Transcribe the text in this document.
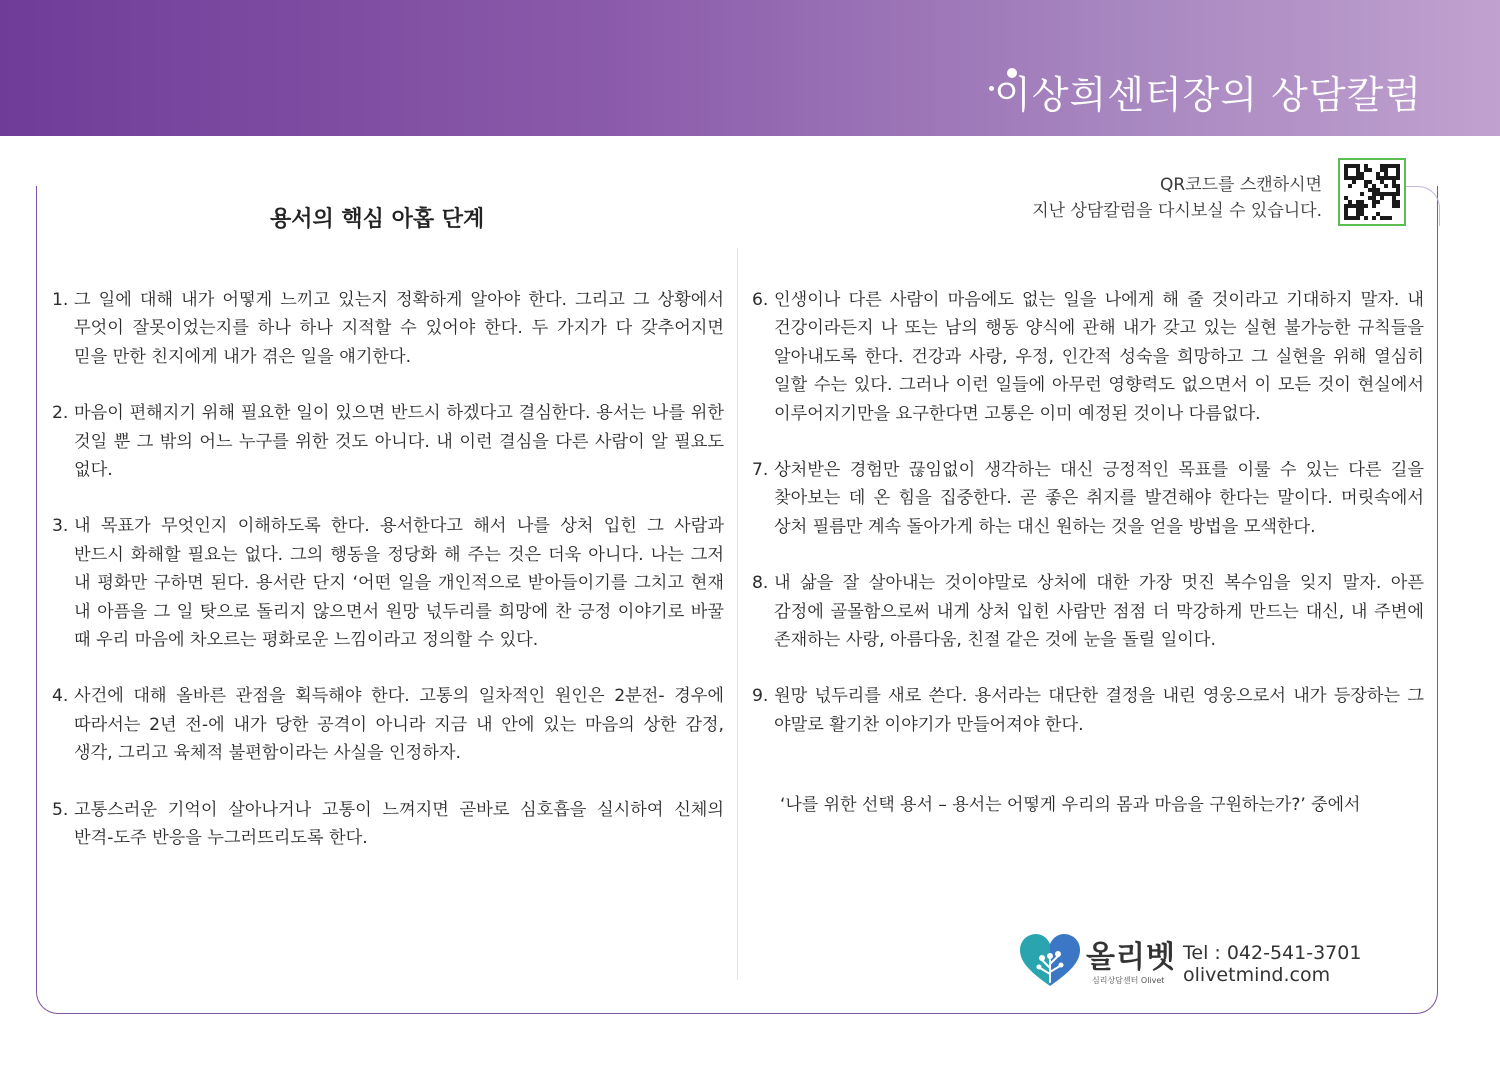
이상희센터장의 상담칼럼
QR코드를 스캔하시면
지난 상담칼럼을 다시보실 수 있습니다.
용서의 핵심 아홉 단계
1. 그 일에 대해 내가 어떻게 느끼고 있는지 정확하게 알아야 한다. 그리고 그 상황에서 무엇이 잘못이었는지를 하나 하나 지적할 수 있어야 한다. 두 가지가 다 갖추어지면 믿을 만한 친지에게 내가 겪은 일을 얘기한다.
2. 마음이 편해지기 위해 필요한 일이 있으면 반드시 하겠다고 결심한다. 용서는 나를 위한 것일 뿐 그 밖의 어느 누구를 위한 것도 아니다. 내 이런 결심을 다른 사람이 알 필요도 없다.
3. 내 목표가 무엇인지 이해하도록 한다. 용서한다고 해서 나를 상처 입힌 그 사람과 반드시 화해할 필요는 없다. 그의 행동을 정당화 해 주는 것은 더욱 아니다. 나는 그저 내 평화만 구하면 된다. 용서란 단지 ‘어떤 일을 개인적으로 받아들이기를 그치고 현재 내 아픔을 그 일 탓으로 돌리지 않으면서 원망 넋두리를 희망에 찬 긍정 이야기로 바꿀 때 우리 마음에 차오르는 평화로운 느낌이라고 정의할 수 있다.
4. 사건에 대해 올바른 관점을 획득해야 한다. 고통의 일차적인 원인은 2분전- 경우에 따라서는 2년 전-에 내가 당한 공격이 아니라 지금 내 안에 있는 마음의 상한 감정, 생각, 그리고 육체적 불편함이라는 사실을 인정하자.
5. 고통스러운 기억이 살아나거나 고통이 느껴지면 곧바로 심호흡을 실시하여 신체의 반격-도주 반응을 누그러뜨리도록 한다.
6. 인생이나 다른 사람이 마음에도 없는 일을 나에게 해 줄 것이라고 기대하지 말자. 내 건강이라든지 나 또는 남의 행동 양식에 관해 내가 갖고 있는 실현 불가능한 규칙들을 알아내도록 한다. 건강과 사랑, 우정, 인간적 성숙을 희망하고 그 실현을 위해 열심히 일할 수는 있다. 그러나 이런 일들에 아무런 영향력도 없으면서 이 모든 것이 현실에서 이루어지기만을 요구한다면 고통은 이미 예정된 것이나 다름없다.
7. 상처받은 경험만 끊임없이 생각하는 대신 긍정적인 목표를 이룰 수 있는 다른 길을 찾아보는 데 온 힘을 집중한다. 곧 좋은 취지를 발견해야 한다는 말이다. 머릿속에서 상처 필름만 계속 돌아가게 하는 대신 원하는 것을 얻을 방법을 모색한다.
8. 내 삶을 잘 살아내는 것이야말로 상처에 대한 가장 멋진 복수임을 잊지 말자. 아픈 감정에 골몰함으로써 내게 상처 입힌 사람만 점점 더 막강하게 만드는 대신, 내 주변에 존재하는 사랑, 아름다움, 친절 같은 것에 눈을 돌릴 일이다.
9. 원망 넋두리를 새로 쓴다. 용서라는 대단한 결정을 내린 영웅으로서 내가 등장하는 그 야말로 활기찬 이야기가 만들어져야 한다.
‘나를 위한 선택 용서 – 용서는 어떻게 우리의 몸과 마음을 구원하는가?’ 중에서
올리벳
심리상담센터 Olivet
Tel : 042-541-3701
olivetmind.com
